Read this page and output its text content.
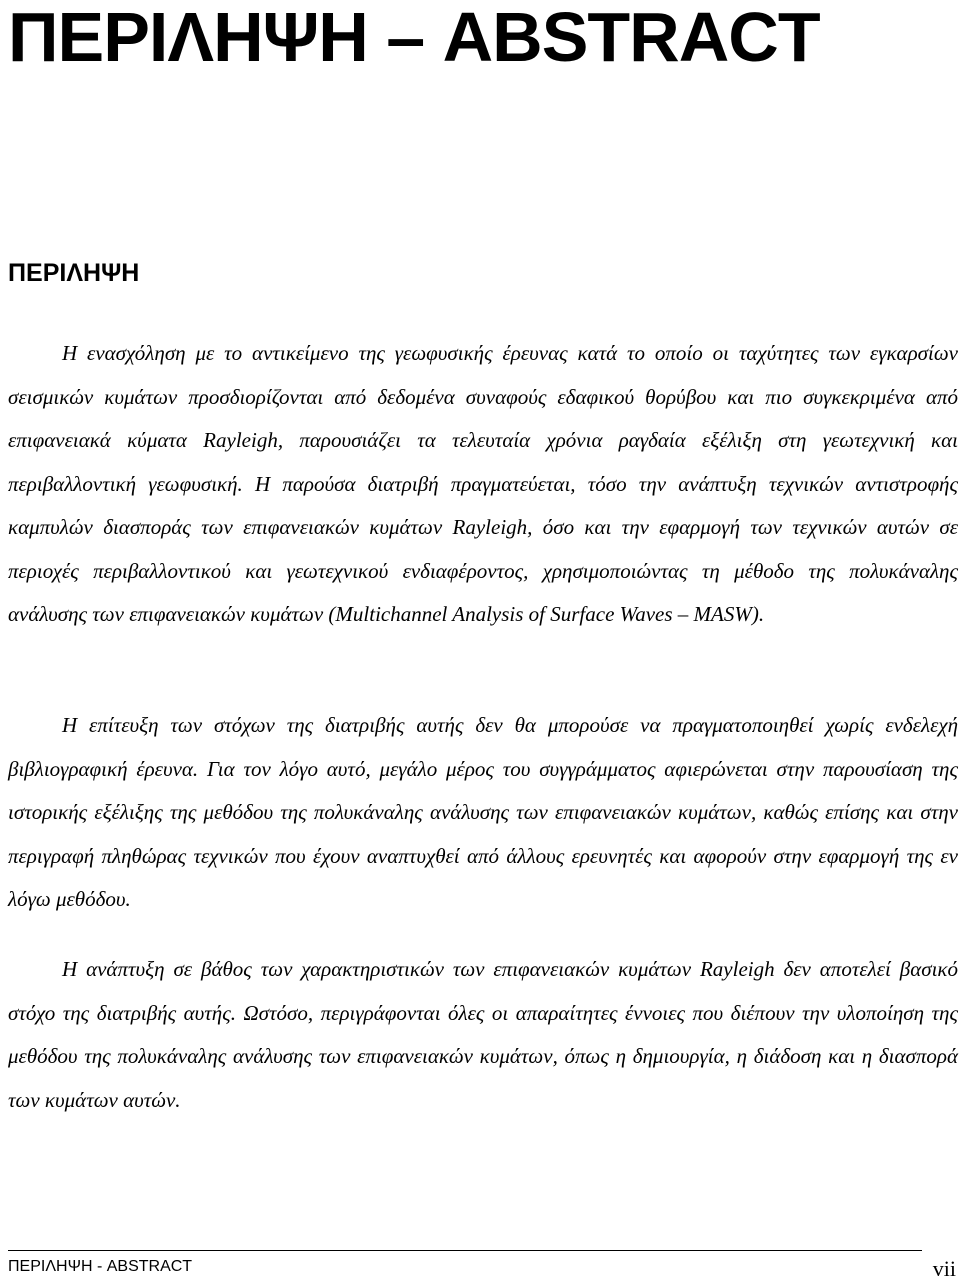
ΠΕΡΙΛΗΨΗ – ABSTRACT
ΠΕΡΙΛΗΨΗ

Η ενασχόληση με το αντικείμενο της γεωφυσικής έρευνας κατά το οποίο οι ταχύτητες των εγκαρσίων σεισμικών κυμάτων προσδιορίζονται από δεδομένα συναφούς εδαφικού θορύβου και πιο συγκεκριμένα από επιφανειακά κύματα Rayleigh, παρουσιάζει τα τελευταία χρόνια ραγδαία εξέλιξη στη γεωτεχνική και περιβαλλοντική γεωφυσική. Η παρούσα διατριβή πραγματεύεται, τόσο την ανάπτυξη τεχνικών αντιστροφής καμπυλών διασποράς των επιφανειακών κυμάτων Rayleigh, όσο και την εφαρμογή των τεχνικών αυτών σε περιοχές περιβαλλοντικού και γεωτεχνικού ενδιαφέροντος, χρησιμοποιώντας τη μέθοδο της πολυκάναλης ανάλυσης των επιφανειακών κυμάτων (Multichannel Analysis of Surface Waves – MASW).

Η επίτευξη των στόχων της διατριβής αυτής δεν θα μπορούσε να πραγματοποιηθεί χωρίς ενδελεχή βιβλιογραφική έρευνα. Για τον λόγο αυτό, μεγάλο μέρος του συγγράμματος αφιερώνεται στην παρουσίαση της ιστορικής εξέλιξης της μεθόδου της πολυκάναλης ανάλυσης των επιφανειακών κυμάτων, καθώς επίσης και στην περιγραφή πληθώρας τεχνικών που έχουν αναπτυχθεί από άλλους ερευνητές και αφορούν στην εφαρμογή της εν λόγω μεθόδου.

Η ανάπτυξη σε βάθος των χαρακτηριστικών των επιφανειακών κυμάτων Rayleigh δεν αποτελεί βασικό στόχο της διατριβής αυτής. Ωστόσο, περιγράφονται όλες οι απαραίτητες έννοιες που διέπουν την υλοποίηση της μεθόδου της πολυκάναλης ανάλυσης των επιφανειακών κυμάτων, όπως η δημιουργία, η διάδοση και η διασπορά των κυμάτων αυτών.

ΠΕΡΙΛΗΨΗ - ABSTRACT	vii
